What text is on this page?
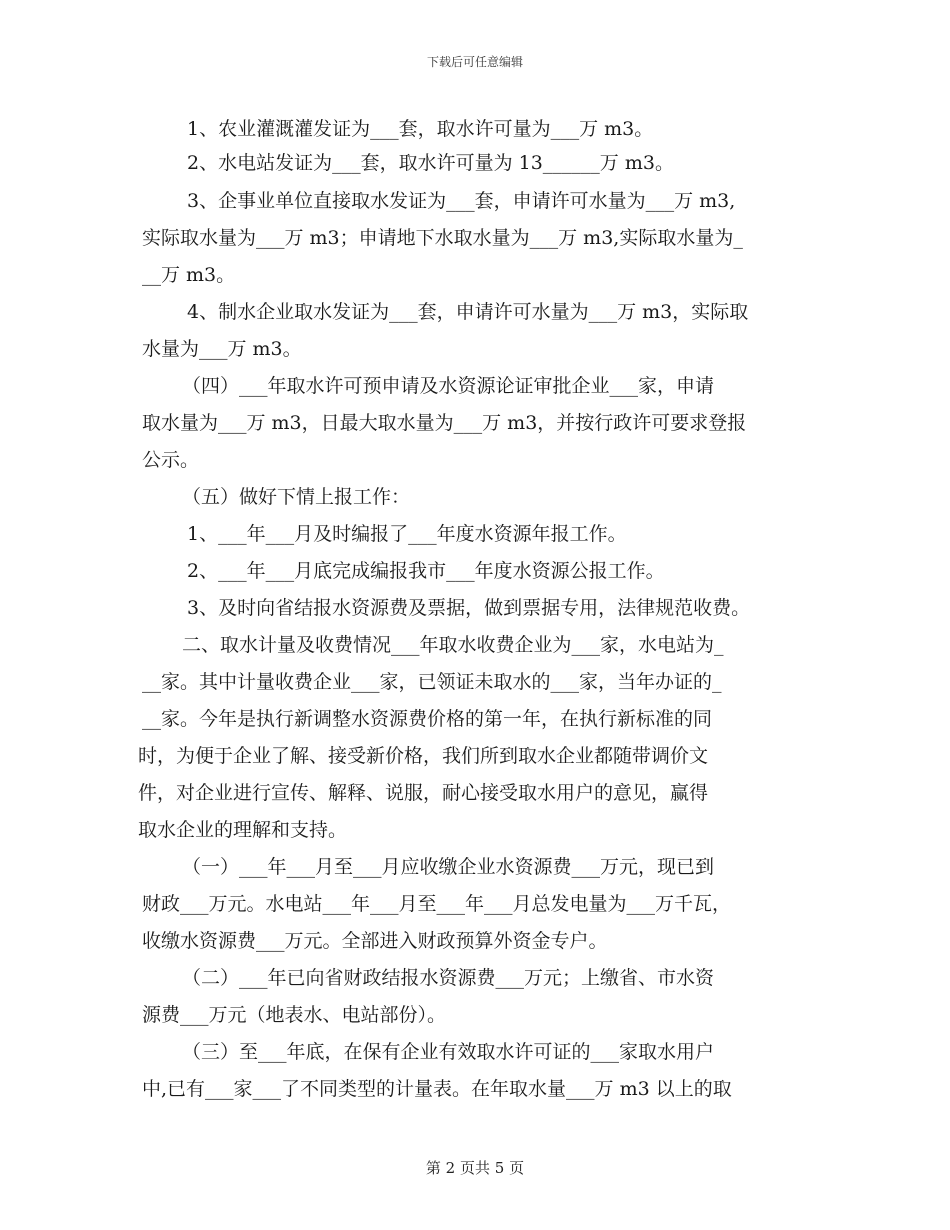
下载后可任意编辑
1、农业灌溉灌发证为___套，取水许可量为___万 m3。
2、水电站发证为___套，取水许可量为 13______万 m3。
3、企事业单位直接取水发证为___套，申请许可水量为___万 m3,
实际取水量为___万 m3；申请地下水取水量为___万 m3,实际取水量为_
__万 m3。
4、制水企业取水发证为___套，申请许可水量为___万 m3，实际取
水量为___万 m3。
（四）___年取水许可预申请及水资源论证审批企业___家，申请
取水量为___万 m3，日最大取水量为___万 m3，并按行政许可要求登报
公示。
（五）做好下情上报工作：
1、___年___月及时编报了___年度水资源年报工作。
2、___年___月底完成编报我市___年度水资源公报工作。
3、及时向省结报水资源费及票据，做到票据专用，法律规范收费。
二、取水计量及收费情况___年取水收费企业为___家，水电站为_
__家。其中计量收费企业___家，已领证未取水的___家，当年办证的_
__家。今年是执行新调整水资源费价格的第一年，在执行新标准的同
时，为便于企业了解、接受新价格，我们所到取水企业都随带调价文
件，对企业进行宣传、解释、说服，耐心接受取水用户的意见，赢得
取水企业的理解和支持。
（一）___年___月至___月应收缴企业水资源费___万元，现已到
财政___万元。水电站___年___月至___年___月总发电量为___万千瓦，
收缴水资源费___万元。全部进入财政预算外资金专户。
（二）___年已向省财政结报水资源费___万元；上缴省、市水资
源费___万元（地表水、电站部份）。
（三）至___年底，在保有企业有效取水许可证的___家取水用户
中,已有___家___了不同类型的计量表。在年取水量___万 m3 以上的取
第 2 页共 5 页
